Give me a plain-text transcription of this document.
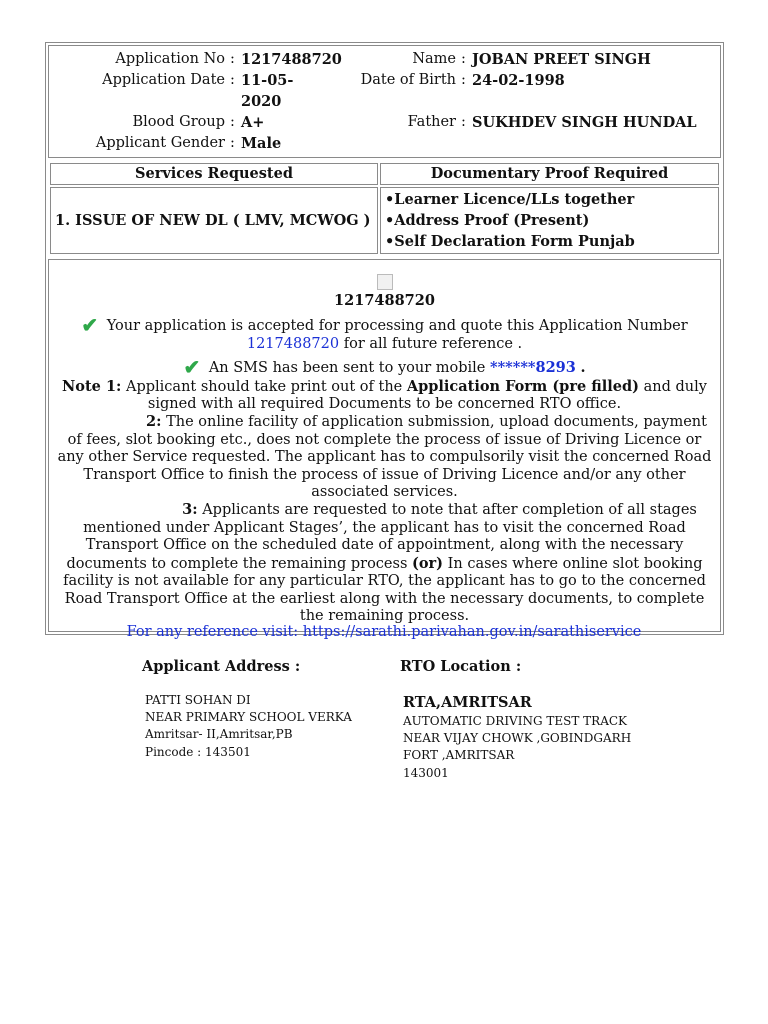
Application No : 1217488720	Name : JOBAN PREET SINGH
Application Date : 11-05-2020
Date of Birth : 24-02-1998
Blood Group : A+	Father : SUKHDEV SINGH HUNDAL
Applicant Gender : Male
Services Requested	Documentary Proof Required
1. ISSUE OF NEW DL ( LMV, MCWOG )	• Learner Licence/LLs together
• Address Proof (Present)
• Self Declaration Form Punjab
1217488720
✔ Your application is accepted for processing and quote this Application Number 1217488720 for all future reference .
✔ An SMS has been sent to your mobile ******8293 .
Note 1: Applicant should take print out of the Application Form (pre filled) and duly signed with all required Documents to be concerned RTO office.
2: The online facility of application submission, upload documents, payment of fees, slot booking etc., does not complete the process of issue of Driving Licence or any other Service requested. The applicant has to compulsorily visit the concerned Road Transport Office to finish the process of issue of Driving Licence and/or any other associated services.
3: Applicants are requested to note that after completion of all stages mentioned under Applicant Stages’, the applicant has to visit the concerned Road Transport Office on the scheduled date of appointment, along with the necessary documents to complete the remaining process (or) In cases where online slot booking facility is not available for any particular RTO, the applicant has to go to the concerned Road Transport Office at the earliest along with the necessary documents, to complete the remaining process.
For any reference visit: https://sarathi.parivahan.gov.in/sarathiservice
Applicant Address :	RTO Location :
PATTI SOHAN DI
NEAR PRIMARY SCHOOL VERKA
Amritsar- II,Amritsar,PB
Pincode : 143501
RTA,AMRITSAR
AUTOMATIC DRIVING TEST TRACK
NEAR VIJAY CHOWK ,GOBINDGARH
FORT ,AMRITSAR
143001
